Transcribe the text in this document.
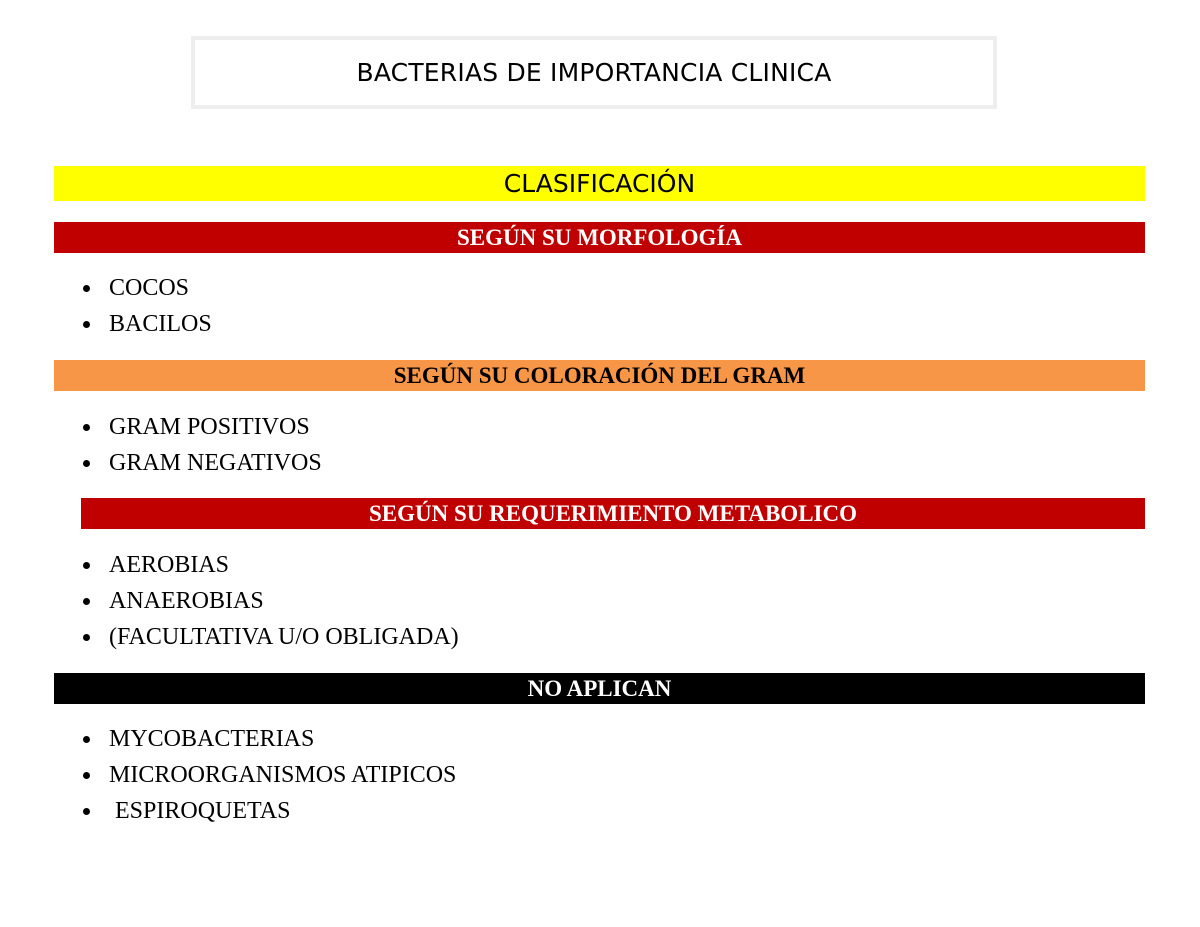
BACTERIAS DE IMPORTANCIA CLINICA
CLASIFICACIÓN
SEGÚN SU MORFOLOGÍA
COCOS
BACILOS
SEGÚN SU COLORACIÓN DEL GRAM
GRAM POSITIVOS
GRAM NEGATIVOS
SEGÚN SU REQUERIMIENTO METABOLICO
AEROBIAS
ANAEROBIAS
(FACULTATIVA U/O OBLIGADA)
NO APLICAN
MYCOBACTERIAS
MICROORGANISMOS ATIPICOS
ESPIROQUETAS
